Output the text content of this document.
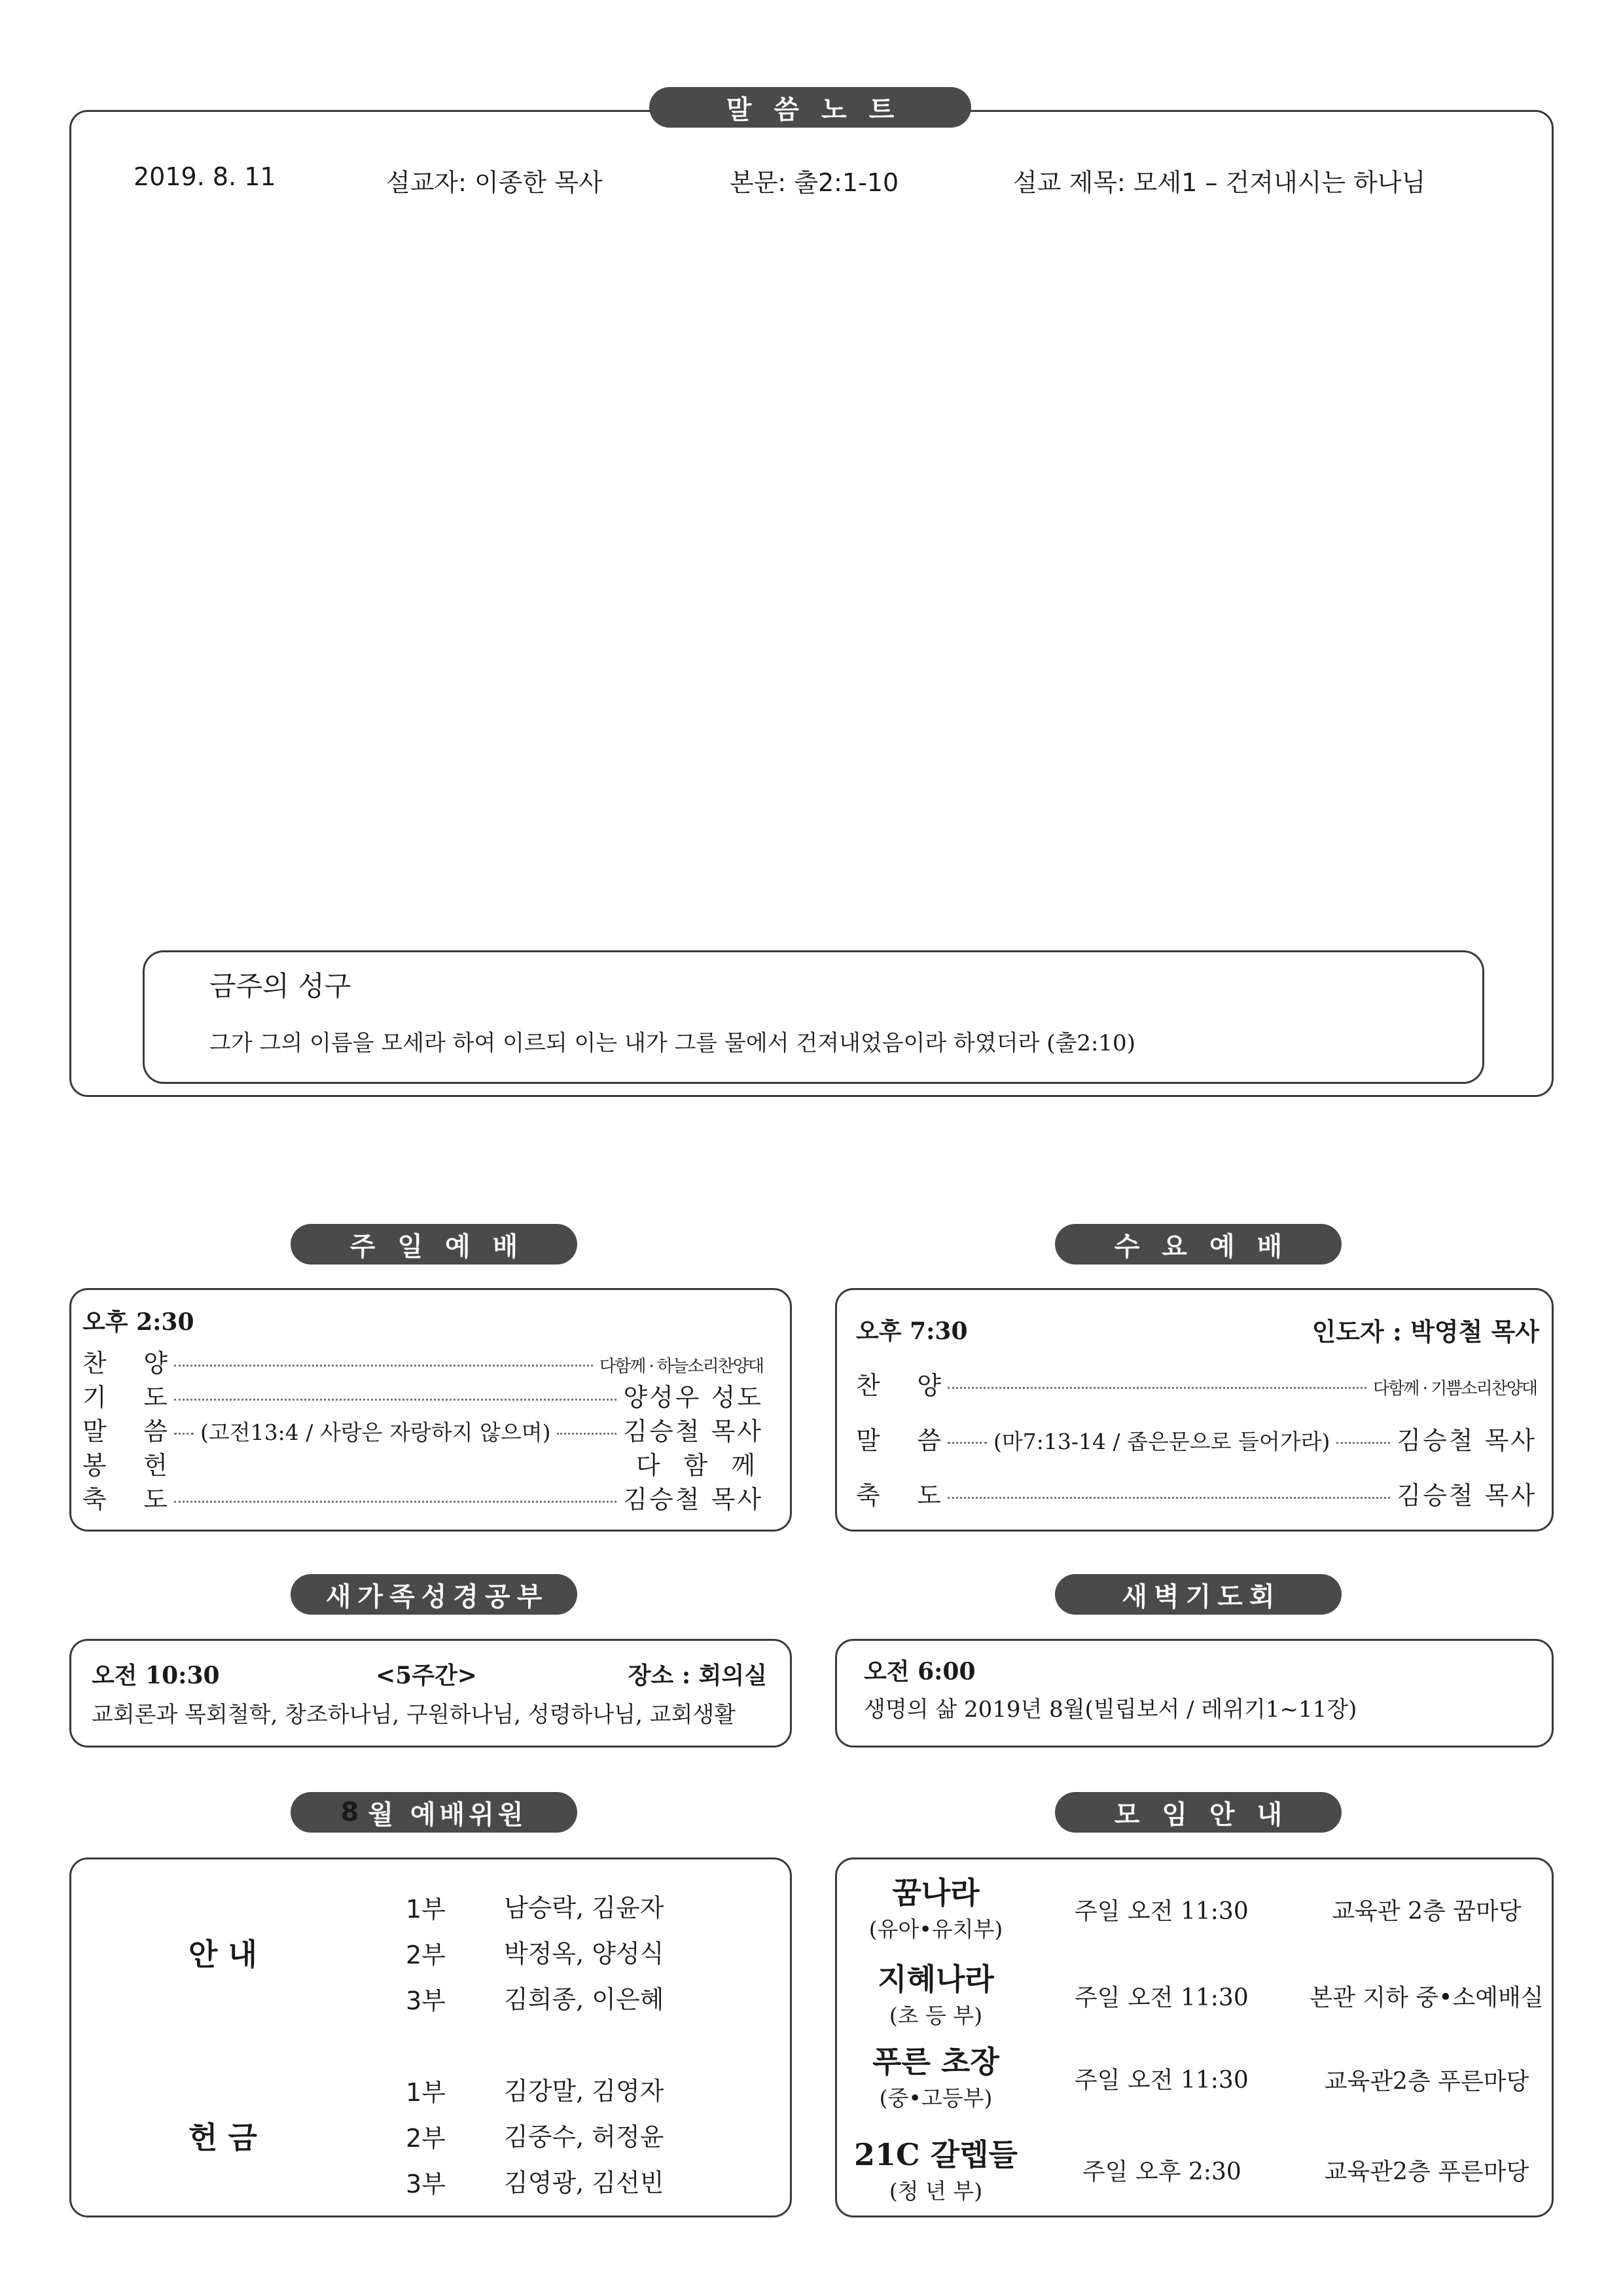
말씀노트
2019. 8. 11	설교자: 이종한 목사	본문: 출2:1-10	설교 제목: 모세1 – 건져내시는 하나님
금주의 성구
그가 그의 이름을 모세라 하여 이르되 이는 내가 그를 물에서 건져내었음이라 하였더라 (출2:10)
주일예배
오후 2:30
찬 양	다함께 · 하늘소리찬양대
기 도	양성우 성도
말 씀 (고전13:4 / 사랑은 자랑하지 않으며)	김승철 목사
봉 헌	다 함 께
축 도	김승철 목사
수요예배
오후 7:30	인도자 : 박영철 목사
찬 양	다함께 · 기쁨소리찬양대
말 씀 (마7:13-14 / 좁은문으로 들어가라)	김승철 목사
축 도	김승철 목사
새가족성경공부
오전 10:30	<5주간>	장소 : 회의실
교회론과 목회철학, 창조하나님, 구원하나님, 성령하나님, 교회생활
새벽기도회
오전 6:00
생명의 삶 2019년 8월(빌립보서 / 레위기1~11장)
8 월 예배위원
안 내
1부 남승락, 김윤자
2부 박정옥, 양성식
3부 김희종, 이은혜
헌 금
1부 김강말, 김영자
2부 김중수, 허정윤
3부 김영광, 김선빈
모임안내
꿈나라
(유아•유치부)
주일 오전 11:30	교육관 2층 꿈마당
지혜나라
(초 등 부)
주일 오전 11:30	본관 지하 중•소예배실
푸른 초장
(중•고등부)
주일 오전 11:30	교육관2층 푸른마당
21C 갈렙들
(청 년 부)
주일 오후 2:30	교육관2층 푸른마당
